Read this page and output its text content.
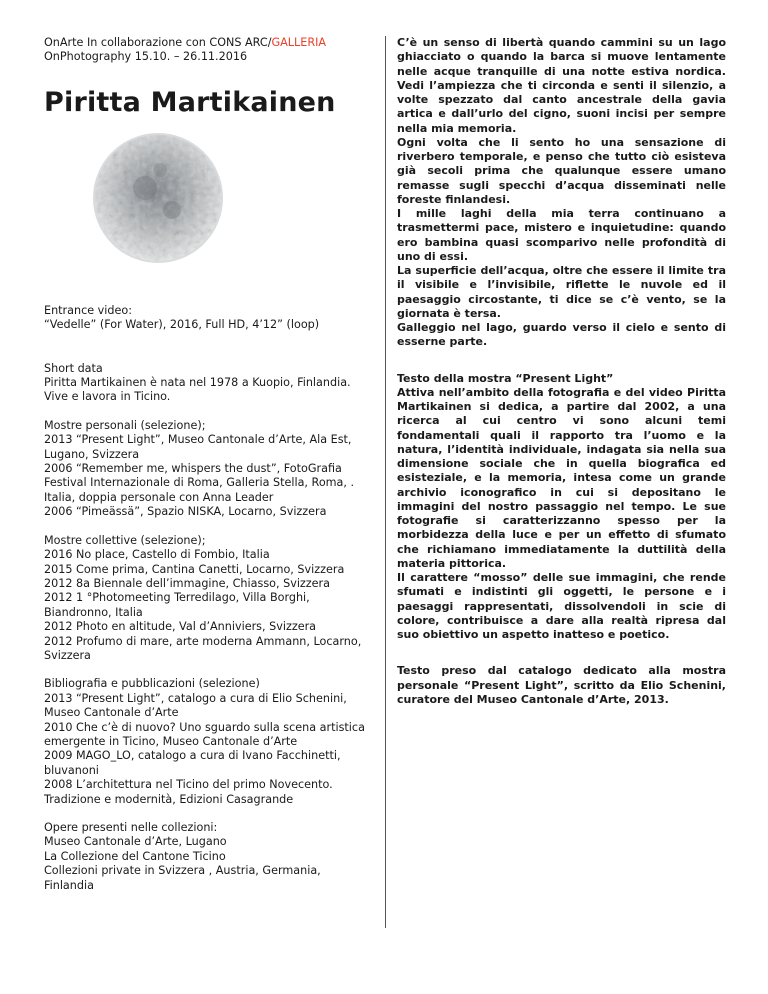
OnArte In collaborazione con CONS ARC/GALLERIA

OnPhotography 15.10. – 26.11.2016

Piritta Martikainen

Entrance video:

“Vedelle” (For Water), 2016, Full HD, 4’12” (loop)

Short data

Piritta Martikainen è nata nel 1978 a Kuopio, Finlandia. Vive e lavora in Ticino.

Mostre personali (selezione);

2013 “Present Light”, Museo Cantonale d’Arte, Ala Est, Lugano, Svizzera

2006 “Remember me, whispers the dust”, FotoGrafia Festival Internazionale di Roma, Galleria Stella, Roma, . Italia, doppia personale con Anna Leader

2006 “Pimeässä”, Spazio NISKA, Locarno, Svizzera

Mostre collettive (selezione);

2016 No place, Castello di Fombio, Italia

2015 Come prima, Cantina Canetti, Locarno, Svizzera

2012 8a Biennale dell’immagine, Chiasso, Svizzera

2012 1 °Photomeeting Terredilago, Villa Borghi, Biandronno, Italia

2012 Photo en altitude, Val d’Anniviers, Svizzera

2012 Profumo di mare, arte moderna Ammann, Locarno, Svizzera

Bibliografia e pubblicazioni (selezione)

2013 “Present Light”, catalogo a cura di Elio Schenini, Museo Cantonale d’Arte

2010 Che c’è di nuovo? Uno sguardo sulla scena artistica emergente in Ticino, Museo Cantonale d’Arte

2009 MAGO_LO, catalogo a cura di Ivano Facchinetti, bluvanoni

2008 L’architettura nel Ticino del primo Novecento. Tradizione e modernità, Edizioni Casagrande

Opere presenti nelle collezioni:

Museo Cantonale d’Arte, Lugano

La Collezione del Cantone Ticino

Collezioni private in Svizzera , Austria, Germania, Finlandia

C’è un senso di libertà quando cammini su un lago ghiacciato o quando la barca si muove lentamente nelle acque tranquille di una notte estiva nordica. Vedi l’ampiezza che ti circonda e senti il silenzio, a volte spezzato dal canto ancestrale della gavia artica e dall’urlo del cigno, suoni incisi per sempre nella mia memoria.

Ogni volta che li sento ho una sensazione di riverbero temporale, e penso che tutto ciò esisteva già secoli prima che qualunque essere umano remasse sugli specchi d’acqua disseminati nelle foreste finlandesi.

I mille laghi della mia terra continuano a trasmettermi pace, mistero e inquietudine: quando ero bambina quasi scomparivo nelle profondità di uno di essi.

La superficie dell’acqua, oltre che essere il limite tra il visibile e l’invisibile, riflette le nuvole ed il paesaggio circostante, ti dice se c’è vento, se la giornata è tersa.

Galleggio nel lago, guardo verso il cielo e sento di esserne parte.

Testo della mostra “Present Light”

Attiva nell’ambito della fotografia e del video Piritta Martikainen si dedica, a partire dal 2002, a una ricerca al cui centro vi sono alcuni temi fondamentali quali il rapporto tra l’uomo e la natura, l’identità individuale, indagata sia nella sua dimensione sociale che in quella biografica ed esisteziale, e la memoria, intesa come un grande archivio iconografico in cui si depositano le immagini del nostro passaggio nel tempo. Le sue fotografie si caratterizzanno spesso per la morbidezza della luce e per un effetto di sfumato che richiamano immediatamente la duttilità della materia pittorica.

Il carattere “mosso” delle sue immagini, che rende sfumati e indistinti gli oggetti, le persone e i paesaggi rappresentati, dissolvendoli in scie di colore, contribuisce a dare alla realtà ripresa dal suo obiettivo un aspetto inatteso e poetico.

Testo preso dal catalogo dedicato alla mostra personale “Present Light”, scritto da Elio Schenini, curatore del Museo Cantonale d’Arte, 2013.
